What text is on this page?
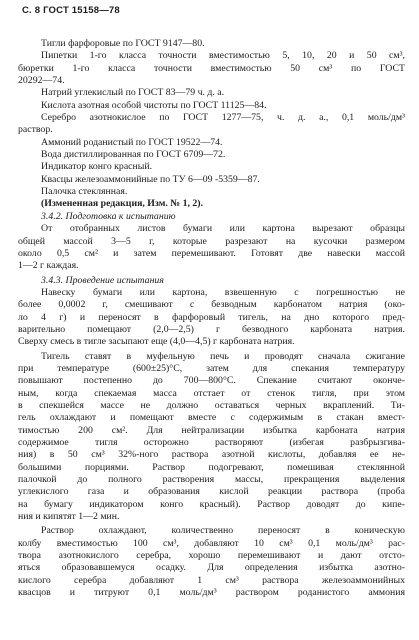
С. 8 ГОСТ 15158—78
Тигли фарфоровые по ГОСТ 9147—80.
Пипетки 1-го класса точности вместимостью 5, 10, 20 и 50 см³,
бюретки 1-го класса точности вместимостью 50 см³ по ГОСТ
20292—74.
Натрий углекислый по ГОСТ 83—79 ч. д. а.
Кислота азотная особой чистоты по ГОСТ 11125—84.
Серебро азотнокислое по ГОСТ 1277—75, ч. д. а., 0,1 моль/дм³
раствор.
Аммоний роданистый по ГОСТ 19522—74.
Вода дистиллированная по ГОСТ 6709—72.
Индикатор конго красный.
Квасцы железоаммонийные по ТУ 6—09 -5359—87.
Палочка стеклянная.
(Измененная редакция, Изм. № 1, 2).
3.4.2. Подготовка к испытанию
От отобранных листов бумаги или картона вырезают образцы
общей массой 3—5 г, которые разрезают на кусочки размером
около 0,5 см² и затем перемешивают. Готовят две навески массой
1—2 г каждая.
3.4.3. Проведение испытания
Навеску бумаги или картона, взвешенную с погрешностью не
более 0,0002 г, смешивают с безводным карбонатом натрия (око-
ло 4 г) и переносят в фарфоровый тигель, на дно которого пред-
варительно помещают (2,0—2,5) г безводного карбоната натрия.
Сверху смесь в тигле засыпают еще (4,0—4,5) г карбоната натрия.
Тигель ставят в муфельную печь и проводят сначала сжигание
при температуре (600±25)°С, затем для спекания температуру
повышают постепенно до 700—800°С. Спекание считают оконче-
ным, когда спекаемая масса отстает от стенок тигля, при этом
в спекшейся массе не должно оставаться черных вкраплений. Ти-
гель охлаждают и помещают вместе с содержимым в стакан вмест-
тимостью 200 см². Для нейтрализации избытка карбоната натрия
содержимое тигля осторожно растворяют (избегая разбрызгива-
ния) в 50 см³ 32%-ного раствора азотной кислоты, добавляя ее не-
большими порциями. Раствор подогревают, помешивая стеклянной
палочкой до полного растворения массы, прекращения выделения
углекислого газа и образования кислой реакции раствора (проба
на бумагу индикатором конго красный). Раствор доводят до кипе-
ния и кипятят 1—2 мин.
Раствор охлаждают, количественно переносят в коническую
колбу вместимостью 100 см³, добавляют 10 см³ 0,1 моль/дм³ рас-
твора азотнокислого серебра, хорошо перемешивают и дают отсто-
яться образовавшемуся осадку. Для определения избытка азотно-
кислого серебра добавляют 1 см³ раствора железоаммонийных
квасцов и титруют 0,1 моль/дм³ раствором роданистого аммония
